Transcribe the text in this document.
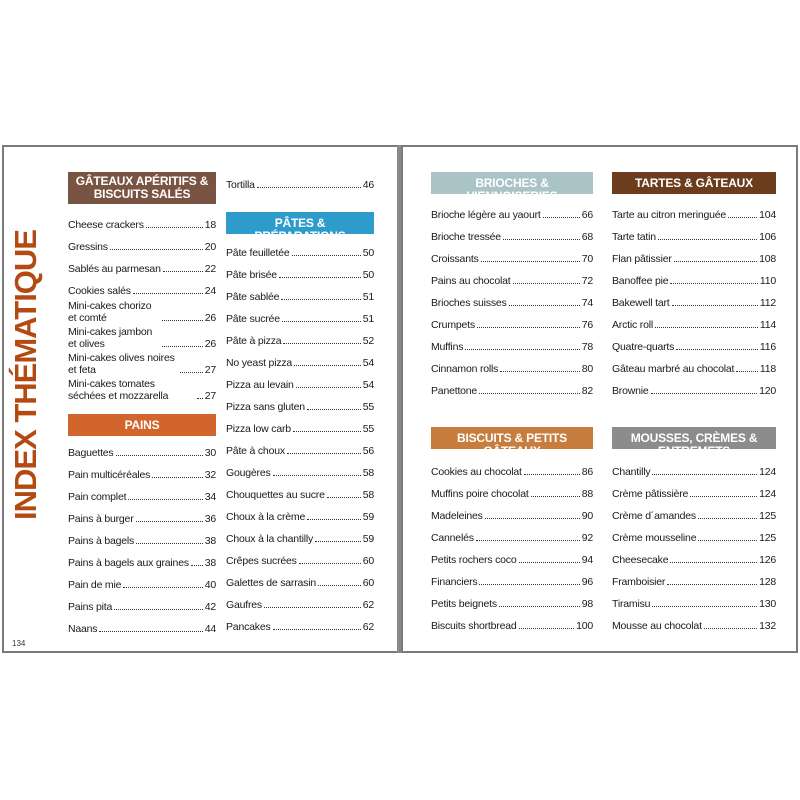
INDEX THÉMATIQUE
GÂTEAUX APÉRITIFS & BISCUITS SALÉS
Cheese crackers	18
Gressins	20
Sablés au parmesan	22
Cookies salés	24
Mini-cakes chorizo et comté	26
Mini-cakes jambon et olives	26
Mini-cakes olives noires et feta	27
Mini-cakes tomates séchées et mozzarella	27
PAINS
Baguettes	30
Pain multicéréales	32
Pain complet	34
Pains à burger	36
Pains à bagels	38
Pains à bagels aux graines 38
Pain de mie	40
Pains pita	42
Naans	44
Tortilla	46
PÂTES & PRÉPARATIONS
Pâte feuilletée	50
Pâte brisée	50
Pâte sablée	51
Pâte sucrée	51
Pâte à pizza	52
No yeast pizza	54
Pizza au levain	54
Pizza sans gluten	55
Pizza low carb	55
Pâte à choux	56
Gougères	58
Chouquettes au sucre	58
Choux à la crème	59
Choux à la chantilly	59
Crêpes sucrées	60
Galettes de sarrasin	60
Gaufres	62
Pancakes	62
134
BRIOCHES & VIENNOISERIES
Brioche légère au yaourt	66
Brioche tressée	68
Croissants	70
Pains au chocolat	72
Brioches suisses	74
Crumpets	76
Muffins	78
Cinnamon rolls	80
Panettone	82
BISCUITS & PETITS GÂTEAUX
Cookies au chocolat	86
Muffins poire chocolat	88
Madeleines	90
Cannelés	92
Petits rochers coco	94
Financiers	96
Petits beignets	98
Biscuits shortbread	100
TARTES & GÂTEAUX
Tarte au citron meringuée	104
Tarte tatin	106
Flan pâtissier	108
Banoffee pie	110
Bakewell tart	112
Arctic roll	114
Quatre-quarts	116
Gâteau marbré au chocolat 118
Brownie	120
MOUSSES, CRÈMES & ENTREMETS
Chantilly	124
Crème pâtissière	124
Crème d´amandes	125
Crème mousseline	125
Cheesecake	126
Framboisier	128
Tiramisu	130
Mousse au chocolat	132
